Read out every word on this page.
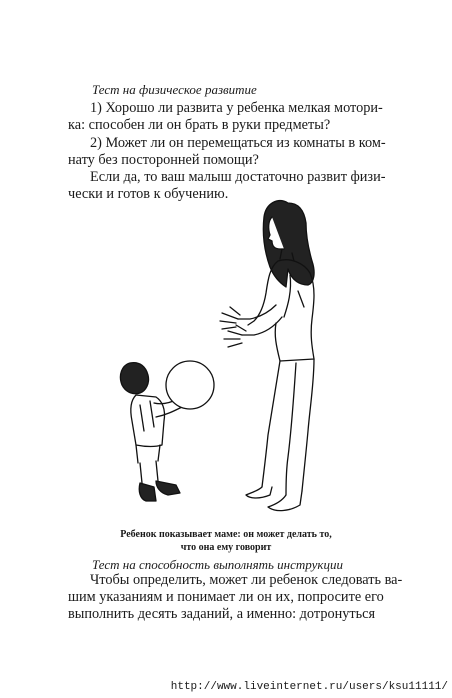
Тест на физическое развитие

1) Хорошо ли развита у ребенка мелкая мотори-
ка: способен ли он брать в руки предметы?

2) Может ли он перемещаться из комнаты в ком-
нату без посторонней помощи?

Если да, то ваш малыш достаточно развит физи-
чески и готов к обучению.

Ребенок показывает маме: он может делать то,
что она ему говорит
Тест на способность выполнять инструкции

Чтобы определить, может ли ребенок следовать ва-
шим указаниям и понимает ли он их, попросите его
выполнить десять заданий, а именно: дотронуться

http://www.liveinternet.ru/users/ksu11111/
